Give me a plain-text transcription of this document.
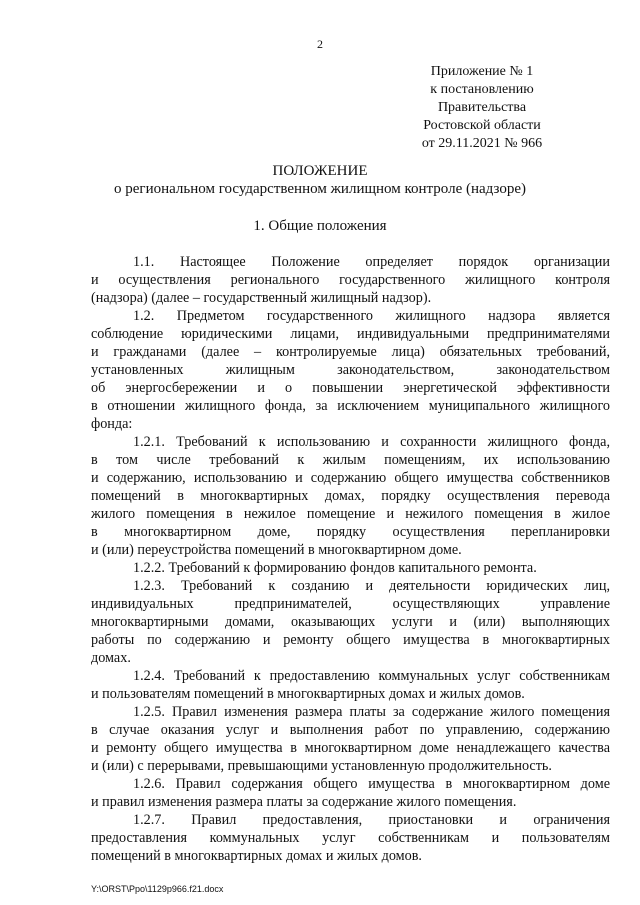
2
Приложение № 1
к постановлению
Правительства
Ростовской области
от 29.11.2021 № 966
ПОЛОЖЕНИЕ
о региональном государственном жилищном контроле (надзоре)
1. Общие положения
1.1. Настоящее Положение определяет порядок организации
и осуществления регионального государственного жилищного контроля
(надзора) (далее – государственный жилищный надзор).
1.2. Предметом государственного жилищного надзора является
соблюдение юридическими лицами, индивидуальными предпринимателями
и гражданами (далее – контролируемые лица) обязательных требований,
установленных жилищным законодательством, законодательством
об энергосбережении и о повышении энергетической эффективности
в отношении жилищного фонда, за исключением муниципального жилищного
фонда:
1.2.1. Требований к использованию и сохранности жилищного фонда,
в том числе требований к жилым помещениям, их использованию
и содержанию, использованию и содержанию общего имущества собственников
помещений в многоквартирных домах, порядку осуществления перевода
жилого помещения в нежилое помещение и нежилого помещения в жилое
в многоквартирном доме, порядку осуществления перепланировки
и (или) переустройства помещений в многоквартирном доме.
1.2.2. Требований к формированию фондов капитального ремонта.
1.2.3. Требований к созданию и деятельности юридических лиц,
индивидуальных предпринимателей, осуществляющих управление
многоквартирными домами, оказывающих услуги и (или) выполняющих
работы по содержанию и ремонту общего имущества в многоквартирных
домах.
1.2.4. Требований к предоставлению коммунальных услуг собственникам
и пользователям помещений в многоквартирных домах и жилых домов.
1.2.5. Правил изменения размера платы за содержание жилого помещения
в случае оказания услуг и выполнения работ по управлению, содержанию
и ремонту общего имущества в многоквартирном доме ненадлежащего качества
и (или) с перерывами, превышающими установленную продолжительность.
1.2.6. Правил содержания общего имущества в многоквартирном доме
и правил изменения размера платы за содержание жилого помещения.
1.2.7. Правил предоставления, приостановки и ограничения
предоставления коммунальных услуг собственникам и пользователям
помещений в многоквартирных домах и жилых домов.
Y:\ORST\Ppo\1129p966.f21.docx
